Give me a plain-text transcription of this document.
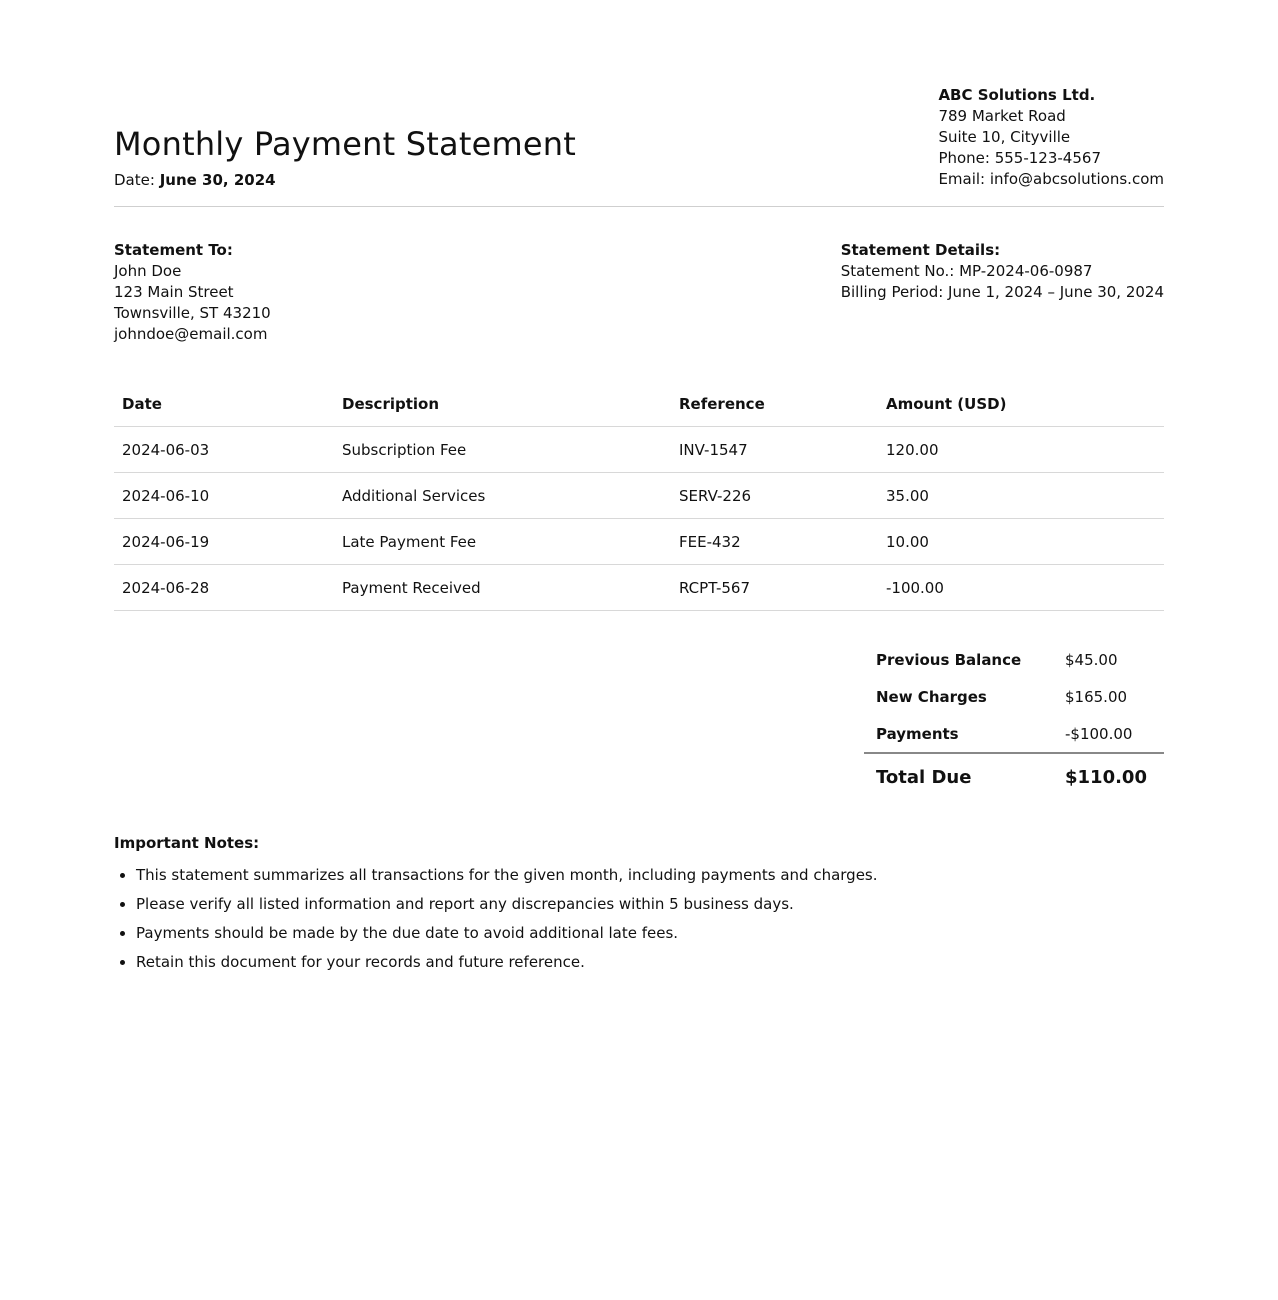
Monthly Payment Statement
Date: June 30, 2024
ABC Solutions Ltd.
789 Market Road
Suite 10, Cityville
Phone: 555-123-4567
Email: info@abcsolutions.com
Statement To:
John Doe
123 Main Street
Townsville, ST 43210
johndoe@email.com
Statement Details:
Statement No.: MP-2024-06-0987
Billing Period: June 1, 2024 – June 30, 2024
Date	Description	Reference	Amount (USD)
2024-06-03	Subscription Fee	INV-1547	120.00
2024-06-10	Additional Services	SERV-226	35.00
2024-06-19	Late Payment Fee	FEE-432	10.00
2024-06-28	Payment Received	RCPT-567	-100.00
Previous Balance	$45.00
New Charges	$165.00
Payments	-$100.00
Total Due	$110.00
Important Notes:
• This statement summarizes all transactions for the given month, including payments and charges.
• Please verify all listed information and report any discrepancies within 5 business days.
• Payments should be made by the due date to avoid additional late fees.
• Retain this document for your records and future reference.
